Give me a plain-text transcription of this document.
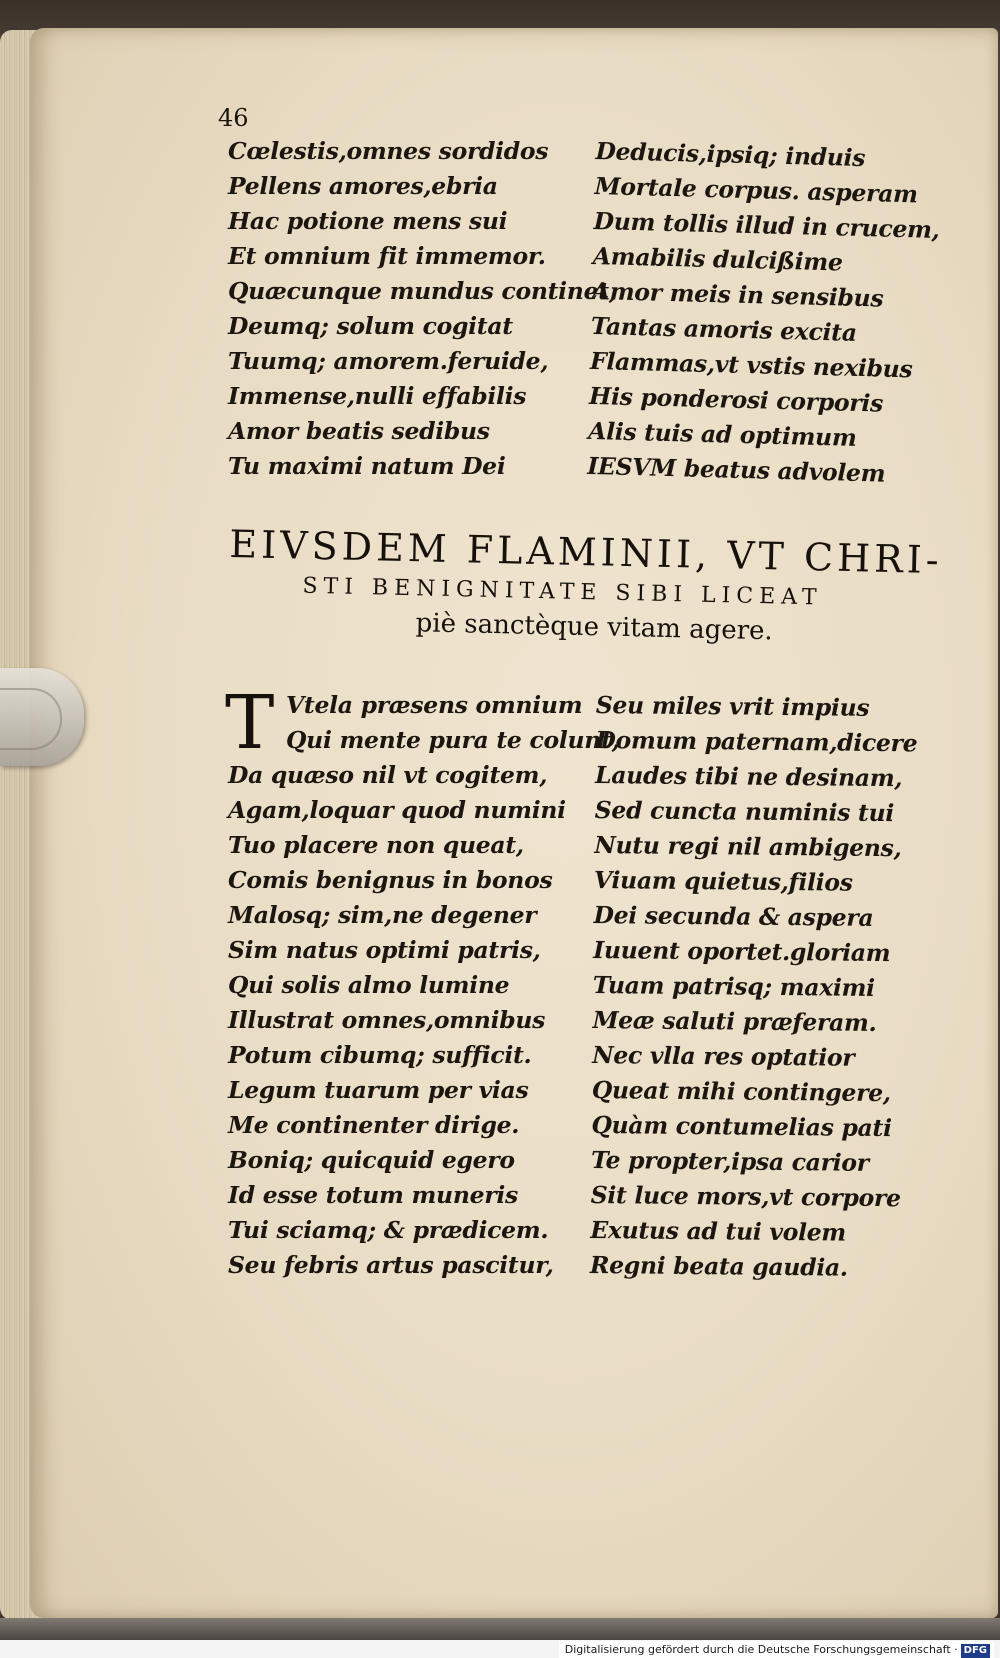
46
Cœlestis,omnes sordidos
Pellens amores,ebria
Hac potione mens sui
Et omnium fit immemor.
Quæcunque mundus continet,
Deumq; solum cogitat
Tuumq; amorem.feruide,
Immense,nulli effabilis
Amor beatis sedibus
Tu maximi natum Dei
Deducis,ipsiq; induis
Mortale corpus. asperam
Dum tollis illud in crucem,
Amabilis dulcißime
Amor meis in sensibus
Tantas amoris excita
Flammas,vt vstis nexibus
His ponderosi corporis
Alis tuis ad optimum
IESVM beatus advolem
EIVSDEM FLAMINII, VT CHRI-
STI BENIGNITATE SIBI LICEAT
piè sanctèque vitam agere.
T Vtela præsens omnium
Qui mente pura te colunt,
Da quæso nil vt cogitem,
Agam,loquar quod numini
Tuo placere non queat,
Comis benignus in bonos
Malosq; sim,ne degener
Sim natus optimi patris,
Qui solis almo lumine
Illustrat omnes,omnibus
Potum cibumq; sufficit.
Legum tuarum per vias
Me continenter dirige.
Boniq; quicquid egero
Id esse totum muneris
Tui sciamq; & prædicem.
Seu febris artus pascitur,
Seu miles vrit impius
Domum paternam,dicere
Laudes tibi ne desinam,
Sed cuncta numinis tui
Nutu regi nil ambigens,
Viuam quietus,filios
Dei secunda & aspera
Iuuent oportet.gloriam
Tuam patrisq; maximi
Meæ saluti præferam.
Nec vlla res optatior
Queat mihi contingere,
Quàm contumelias pati
Te propter,ipsa carior
Sit luce mors,vt corpore
Exutus ad tui volem
Regni beata gaudia.
Digitalisierung gefördert durch die Deutsche Forschungsgemeinschaft · DFG
